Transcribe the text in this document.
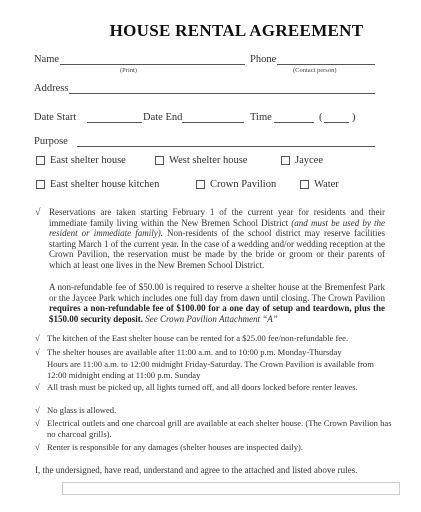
HOUSE RENTAL AGREEMENT
Name
(Print)
Phone
(Contact person)
Address
Date Start	Date End	Time	(	)
Purpose
East shelter house	West shelter house	Jaycee
East shelter house kitchen	Crown Pavilion	Water
√ Reservations are taken starting February 1 of the current year for residents and their immediate family living within the New Bremen School District (and must be used by the resident or immediate family). Non-residents of the school district may reserve facilities starting March 1 of the current year. In the case of a wedding and/or wedding reception at the Crown Pavilion, the reservation must be made by the bride or groom or their parents of which at least one lives in the New Bremen School District.
A non-refundable fee of $50.00 is required to reserve a shelter house at the Bremenfest Park or the Jaycee Park which includes one full day from dawn until closing. The Crown Pavilion requires a non-refundable fee of $100.00 for a one day of setup and teardown, plus the $150.00 security deposit. See Crown Pavilion Attachment “A”
√ The kitchen of the East shelter house can be rented for a $25.00 fee/non-refundable fee.
√ The shelter houses are available after 11:00 a.m. and to 10:00 p.m. Monday-Thursday
Hours are 11:00 a.m. to 12:00 midnight Friday-Saturday. The Crown Pavilion is available from 12:00 midnight ending at 11:00 p.m. Sunday
√ All trash must be picked up, all lights turned off, and all doors locked before renter leaves.
√ No glass is allowed.
√ Electrical outlets and one charcoal grill are available at each shelter house. (The Crown Pavilion has no charcoal grills).
√ Renter is responsible for any damages (shelter houses are inspected daily).
I, the undersigned, have read, understand and agree to the attached and listed above rules.
